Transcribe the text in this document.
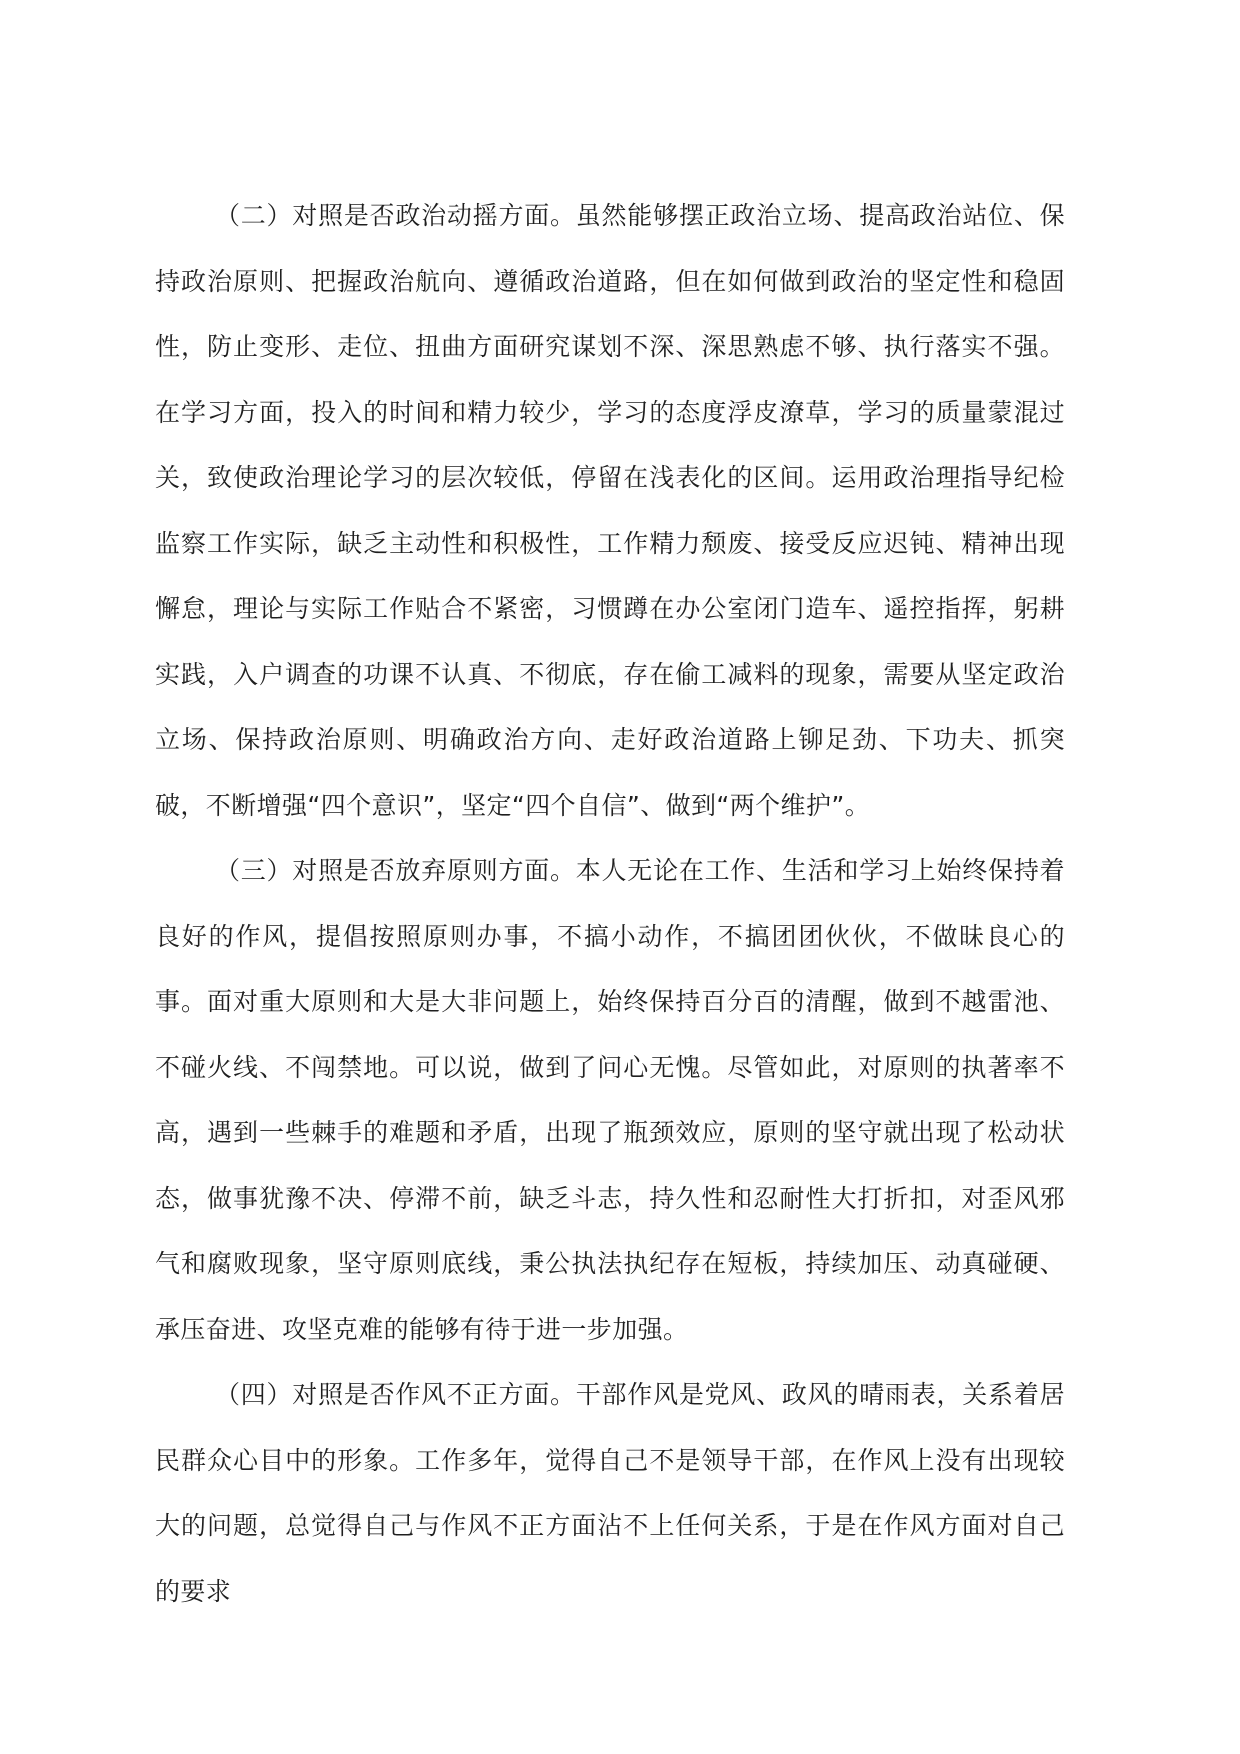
（二）对照是否政治动摇方面。虽然能够摆正政治立场、提高政治站位、保持政治原则、把握政治航向、遵循政治道路，但在如何做到政治的坚定性和稳固性，防止变形、走位、扭曲方面研究谋划不深、深思熟虑不够、执行落实不强。在学习方面，投入的时间和精力较少，学习的态度浮皮潦草，学习的质量蒙混过关，致使政治理论学习的层次较低，停留在浅表化的区间。运用政治理指导纪检监察工作实际，缺乏主动性和积极性，工作精力颓废、接受反应迟钝、精神出现懈怠，理论与实际工作贴合不紧密，习惯蹲在办公室闭门造车、遥控指挥，躬耕实践，入户调查的功课不认真、不彻底，存在偷工减料的现象，需要从坚定政治立场、保持政治原则、明确政治方向、走好政治道路上铆足劲、下功夫、抓突破，不断增强“四个意识”，坚定“四个自信”、做到“两个维护”。

（三）对照是否放弃原则方面。本人无论在工作、生活和学习上始终保持着良好的作风，提倡按照原则办事，不搞小动作，不搞团团伙伙，不做昧良心的事。面对重大原则和大是大非问题上，始终保持百分百的清醒，做到不越雷池、不碰火线、不闯禁地。可以说，做到了问心无愧。尽管如此，对原则的执著率不高，遇到一些棘手的难题和矛盾，出现了瓶颈效应，原则的坚守就出现了松动状态，做事犹豫不决、停滞不前，缺乏斗志，持久性和忍耐性大打折扣，对歪风邪气和腐败现象，坚守原则底线，秉公执法执纪存在短板，持续加压、动真碰硬、承压奋进、攻坚克难的能够有待于进一步加强。

（四）对照是否作风不正方面。干部作风是党风、政风的晴雨表，关系着居民群众心目中的形象。工作多年，觉得自己不是领导干部，在作风上没有出现较大的问题，总觉得自己与作风不正方面沾不上任何关系，于是在作风方面对自己的要求
